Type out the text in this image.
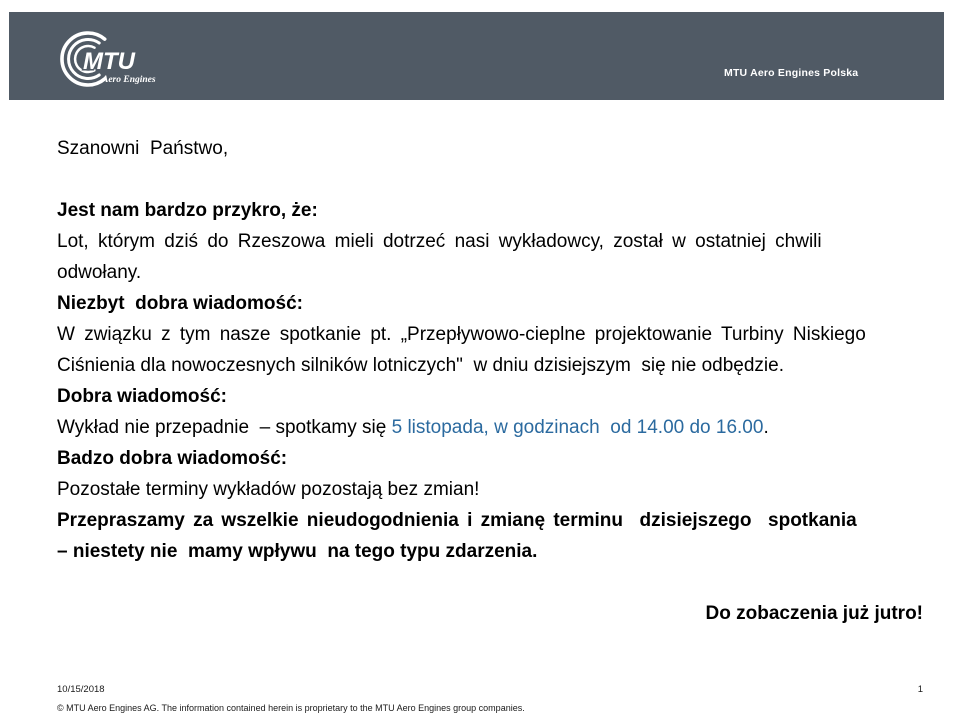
MTU
Aero Engines

MTU Aero Engines Polska

An MTU Aero Engines Company

Szanowni  Państwo,
Jest nam bardzo przykro, że:
Lot, którym dziś do Rzeszowa mieli dotrzeć nasi wykładowcy, został w ostatniej chwili
odwołany.
Niezbyt  dobra wiadomość:
W związku z tym nasze spotkanie pt. „Przepływowo-cieplne projektowanie Turbiny Niskiego
Ciśnienia dla nowoczesnych silników lotniczych"  w dniu dzisiejszym  się nie odbędzie.
Dobra wiadomość:
Wykład nie przepadnie  – spotkamy się 5 listopada, w godzinach  od 14.00 do 16.00.
Badzo dobra wiadomość:
Pozostałe terminy wykładów pozostają bez zmian!
Przepraszamy za wszelkie nieudogodnienia i zmianę terminu  dzisiejszego  spotkania
– niestety nie  mamy wpływu  na tego typu zdarzenia.
Do zobaczenia już jutro!
10/15/2018	1
© MTU Aero Engines AG. The information contained herein is proprietary to the MTU Aero Engines group companies.
